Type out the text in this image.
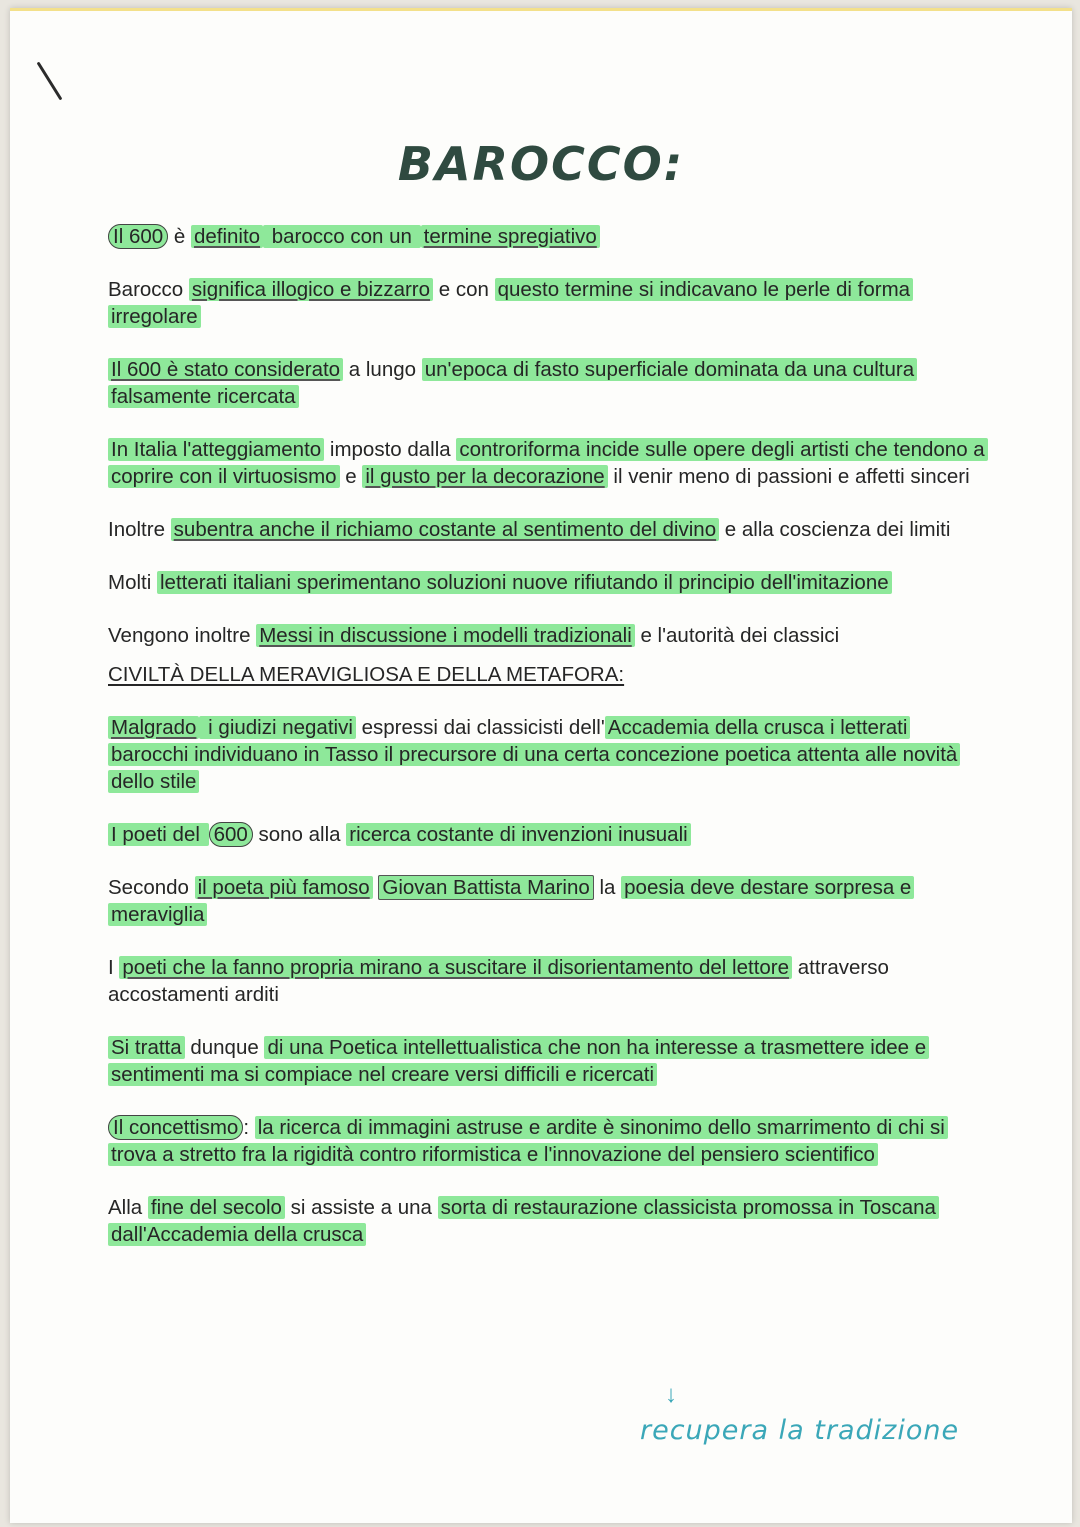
BAROCCO:

Il 600 è definito barocco con un termine spregiativo

Barocco significa illogico e bizzarro e con questo termine si indicavano le perle di forma irregolare

Il 600 è stato considerato a lungo un'epoca di fasto superficiale dominata da una cultura falsamente ricercata

In Italia l'atteggiamento imposto dalla controriforma incide sulle opere degli artisti che tendono a coprire con il virtuosismo e il gusto per la decorazione il venir meno di passioni e affetti sinceri

Inoltre subentra anche il richiamo costante al sentimento del divino e alla coscienza dei limiti

Molti letterati italiani sperimentano soluzioni nuove rifiutando il principio dell'imitazione

Vengono inoltre Messi in discussione i modelli tradizionali e l'autorità dei classici

CIVILTÀ DELLA MERAVIGLIOSA E DELLA METAFORA:

Malgrado i giudizi negativi espressi dai classicisti dell' Accademia della crusca i letterati barocchi individuano in Tasso il precursore di una certa concezione poetica attenta alle novità dello stile

I poeti del 600 sono alla ricerca costante di invenzioni inusuali

Secondo il poeta più famoso Giovan Battista Marino la poesia deve destare sorpresa e meraviglia

I poeti che la fanno propria mirano a suscitare il disorientamento del lettore attraverso accostamenti arditi

Si tratta dunque di una Poetica intellettualistica che non ha interesse a trasmettere idee e sentimenti ma si compiace nel creare versi difficili e ricercati

Il concettismo : la ricerca di immagini astruse e ardite è sinonimo dello smarrimento di chi si trova a stretto fra la rigidità contro riformistica e l'innovazione del pensiero scientifico

Alla fine del secolo si assiste a una sorta di restaurazione classicista promossa in Toscana dall'Accademia della crusca

↓
recupera la tradizione
